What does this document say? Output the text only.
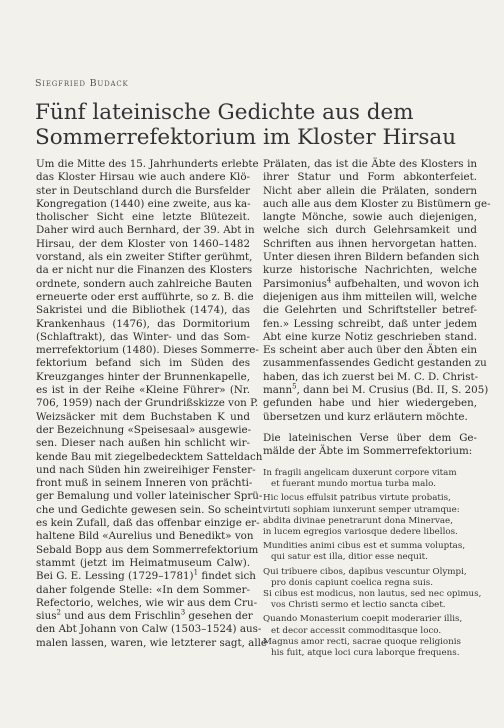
Siegfried Budack
Fünf lateinische Gedichte aus dem
Sommerrefektorium im Kloster Hirsau
Um die Mitte des 15. Jahrhunderts erlebte
das Kloster Hirsau wie auch andere Klö-
ster in Deutschland durch die Bursfelder
Kongregation (1440) eine zweite, aus ka-
tholischer Sicht eine letzte Blütezeit.
Daher wird auch Bernhard, der 39. Abt in
Hirsau, der dem Kloster von 1460–1482
vorstand, als ein zweiter Stifter gerühmt,
da er nicht nur die Finanzen des Klosters
ordnete, sondern auch zahlreiche Bauten
erneuerte oder erst aufführte, so z. B. die
Sakristei und die Bibliothek (1474), das
Krankenhaus (1476), das Dormitorium
(Schlaftrakt), das Winter- und das Som-
merrefektorium (1480). Dieses Sommerre-
fektorium befand sich im Süden des
Kreuzganges hinter der Brunnenkapelle,
es ist in der Reihe «Kleine Führer» (Nr.
706, 1959) nach der Grundrißskizze von P.
Weizsäcker mit dem Buchstaben K und
der Bezeichnung «Speisesaal» ausgewie-
sen. Dieser nach außen hin schlicht wir-
kende Bau mit ziegelbedecktem Satteldach
und nach Süden hin zweireihiger Fenster-
front muß in seinem Inneren von prächti-
ger Bemalung und voller lateinischer Sprü-
che und Gedichte gewesen sein. So scheint
es kein Zufall, daß das offenbar einzige er-
haltene Bild «Aurelius und Benedikt» von
Sebald Bopp aus dem Sommerrefektorium
stammt (jetzt im Heimatmuseum Calw).
Bei G. E. Lessing (1729–1781)$^1$ findet sich
daher folgende Stelle: «In dem Sommer-
Refectorio, welches, wie wir aus dem Cru-
sius$^2$ und aus dem Frischlin$^3$ gesehen der
den Abt Johann von Calw (1503–1524) aus-
malen lassen, waren, wie letzterer sagt, alle
Prälaten, das ist die Äbte des Klosters in
ihrer Statur und Form abkonterfeiet.
Nicht aber allein die Prälaten, sondern
auch alle aus dem Kloster zu Bistümern ge-
langte Mönche, sowie auch diejenigen,
welche sich durch Gelehrsamkeit und
Schriften aus ihnen hervorgetan hatten.
Unter diesen ihren Bildern befanden sich
kurze historische Nachrichten, welche
Parsimonius$^4$ aufbehalten, und wovon ich
diejenigen aus ihm mitteilen will, welche
die Gelehrten und Schriftsteller betref-
fen.» Lessing schreibt, daß unter jedem
Abt eine kurze Notiz geschrieben stand.
Es scheint aber auch über den Äbten ein
zusammenfassendes Gedicht gestanden zu
haben, das ich zuerst bei M. C. D. Christ-
mann$^5$, dann bei M. Crusius (Bd. II, S. 205)
gefunden habe und hier wiedergeben,
übersetzen und kurz erläutern möchte.
Die lateinischen Verse über dem Ge-
mälde der Äbte im Sommerrefektorium:
In fragili angelicam duxerunt corpore vitam
et fuerant mundo mortua turba malo.
Hic locus effulsit patribus virtute probatis,
virtuti sophiam iunxerunt semper utramque:
abdita divinae penetrarunt dona Minervae,
in lucem egregios variosque dedere libellos.
Mundities animi cibus est et summa voluptas,
qui satur est illa, ditior esse nequit.
Qui tribuere cibos, dapibus vescuntur Olympi,
pro donis capiunt coelica regna suis.
Si cibus est modicus, non lautus, sed nec opimus,
vos Christi sermo et lectio sancta cibet.
Quando Monasterium coepit moderarier illis,
et decor accessit commoditasque loco.
Magnus amor recti, sacrae quoque religionis
his fuit, atque loci cura laborque frequens.
